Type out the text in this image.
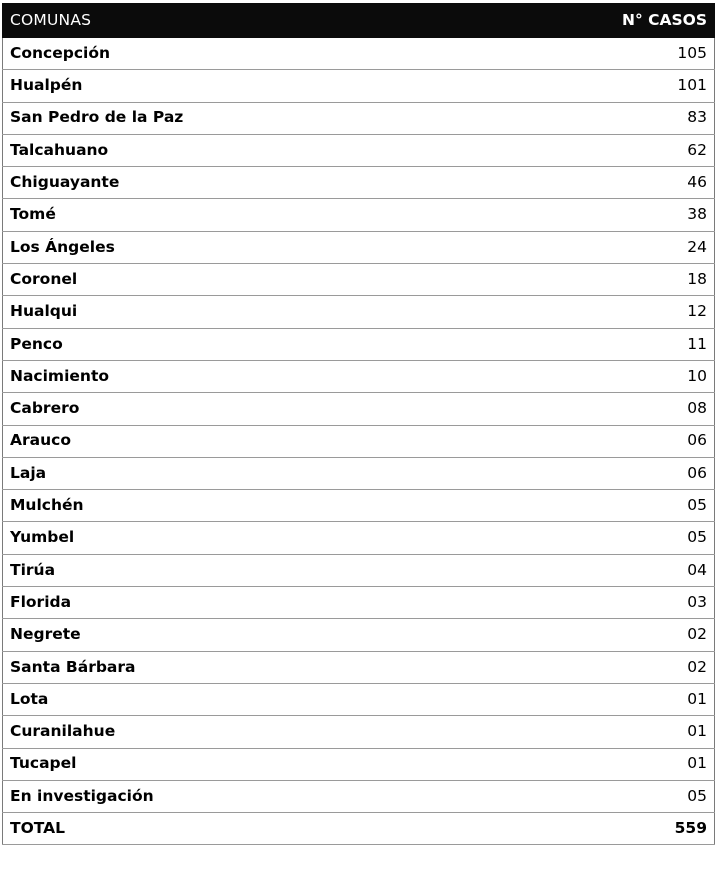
COMUNAS	N° CASOS
Concepción	105
Hualpén	101
San Pedro de la Paz	83
Talcahuano	62
Chiguayante	46
Tomé	38
Los Ángeles	24
Coronel	18
Hualqui	12
Penco	11
Nacimiento	10
Cabrero	08
Arauco	06
Laja	06
Mulchén	05
Yumbel	05
Tirúa	04
Florida	03
Negrete	02
Santa Bárbara	02
Lota	01
Curanilahue	01
Tucapel	01
En investigación	05
TOTAL	559
